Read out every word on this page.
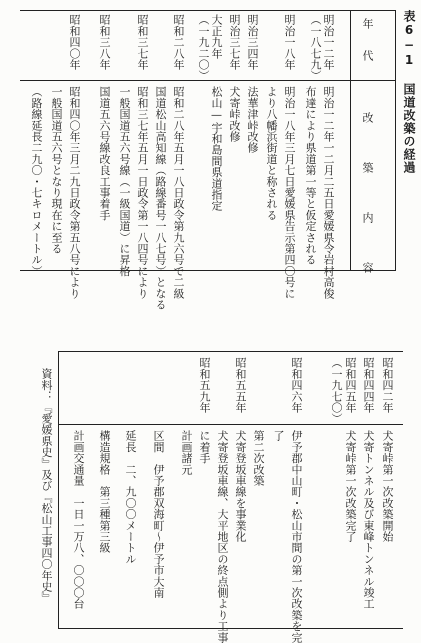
表6−1 国道改築の経過
年　代
改　築　内　容
明治一二年
（一八七九）
明治一八年
明治三四年
明治三七年
大正九年
（一九二〇）
昭和二八年
昭和三七年
昭和三八年
昭和四〇年
明治一二年一二月二五日愛媛県令岩村高俊
布達により県道第一等と仮定される
明治一八年三月七日愛媛県告示第四〇号に
より八幡浜街道と称される
法華津峠改修
犬寄峠改修
松山—宇和島間県道指定
昭和二八年五月一八日政令第九六号で二級
国道松山高知線（路線番号一八七号）となる
昭和三七年五月一日政令第一八四号により
一般国道五六号線（一級国道）に昇格
国道五六号線改良工事着手
昭和四〇年三月二九日政令第五八号により
一般国道五六号となり現在に至る
（路線延長二九〇・七キロメートル）
昭和四二年
昭和四四年
昭和四五年
（一九七〇）
昭和四六年
昭和五五年
昭和五九年
犬寄峠第一次改築開始
犬寄トンネル及び東峰トンネル竣工
犬寄峠第一次改築完了
伊予郡中山町・松山市間の第一次改築を完
了
第二次改築
犬寄登坂車線を事業化
犬寄登坂車線、大平地区の終点側より工事
に着手
計画諸元
区間　伊予郡双海町〜伊予市大南
延長　二、九〇〇メートル
構造規格　第三種第三級
計画交通量　一日一万八、〇〇〇台
資料：『愛媛県史』及び『松山工事四〇年史』
